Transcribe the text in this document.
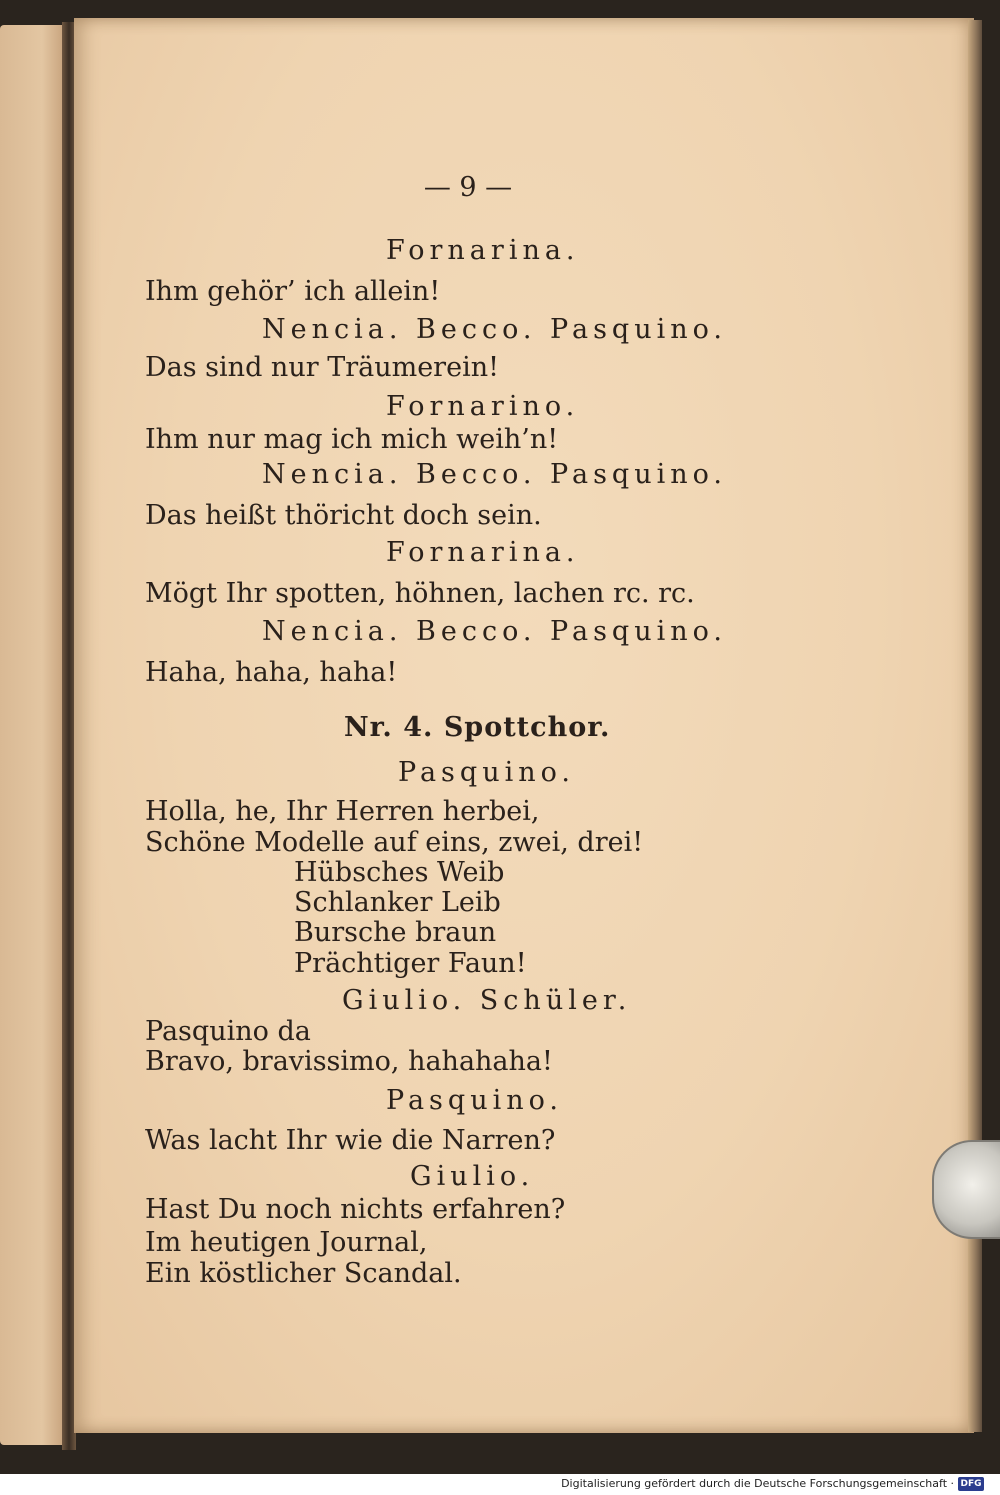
— 9 —
Fornarina.
Ihm gehör’ ich allein!
Nencia. Becco. Pasquino.
Das sind nur Träumerein!
Fornarino.
Ihm nur mag ich mich weih’n!
Nencia. Becco. Pasquino.
Das heißt thöricht doch sein.
Fornarina.
Mögt Ihr spotten, höhnen, lachen rc. rc.
Nencia. Becco. Pasquino.
Haha, haha, haha!
Nr. 4. Spottchor.
Pasquino.
Holla, he, Ihr Herren herbei,
Schöne Modelle auf eins, zwei, drei!
Hübsches Weib
Schlanker Leib
Bursche braun
Prächtiger Faun!
Giulio. Schüler.
Pasquino da
Bravo, bravissimo, hahahaha!
Pasquino.
Was lacht Ihr wie die Narren?
Giulio.
Hast Du noch nichts erfahren?
Im heutigen Journal,
Ein köstlicher Scandal.
Digitalisierung gefördert durch die Deutsche Forschungsgemeinschaft · DFG
